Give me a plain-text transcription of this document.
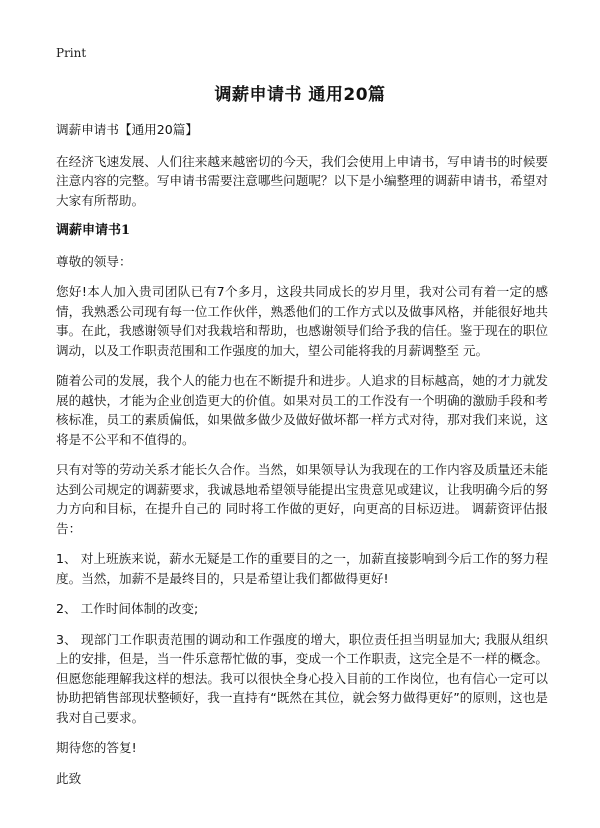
Print
调薪申请书 通用20篇

调薪申请书【通用20篇】

在经济飞速发展、人们往来越来越密切的今天，我们会使用上申请书，写申请书的时候要注意内容的完整。写申请书需要注意哪些问题呢？以下是小编整理的调薪申请书，希望对大家有所帮助。

调薪申请书1

尊敬的领导：

您好!本人加入贵司团队已有7个多月，这段共同成长的岁月里，我对公司有着一定的感情，我熟悉公司现有每一位工作伙伴，熟悉他们的工作方式以及做事风格，并能很好地共事。在此，我感谢领导们对我栽培和帮助，也感谢领导们给予我的信任。鉴于现在的职位调动，以及工作职责范围和工作强度的加大，望公司能将我的月薪调整至 元。

随着公司的发展，我个人的能力也在不断提升和进步。人追求的目标越高，她的才力就发展的越快，才能为企业创造更大的价值。如果对员工的工作没有一个明确的激励手段和考核标准，员工的素质偏低，如果做多做少及做好做坏都一样方式对待，那对我们来说，这将是不公平和不值得的。

只有对等的劳动关系才能长久合作。当然，如果领导认为我现在的工作内容及质量还未能达到公司规定的调薪要求，我诚恳地希望领导能提出宝贵意见或建议，让我明确今后的努力方向和目标，在提升自己的 同时将工作做的更好，向更高的目标迈进。 调薪资评估报告：

1、 对上班族来说，薪水无疑是工作的重要目的之一，加薪直接影响到今后工作的努力程度。当然，加薪不是最终目的，只是希望让我们都做得更好!

2、 工作时间体制的改变;

3、 现部门工作职责范围的调动和工作强度的增大，职位责任担当明显加大; 我服从组织上的安排，但是，当一件乐意帮忙做的事，变成一个工作职责，这完全是不一样的概念。但愿您能理解我这样的想法。我可以很快全身心投入目前的工作岗位，也有信心一定可以协助把销售部现状整顿好，我一直持有“既然在其位，就会努力做得更好”的原则，这也是我对自己要求。

期待您的答复!

此致
